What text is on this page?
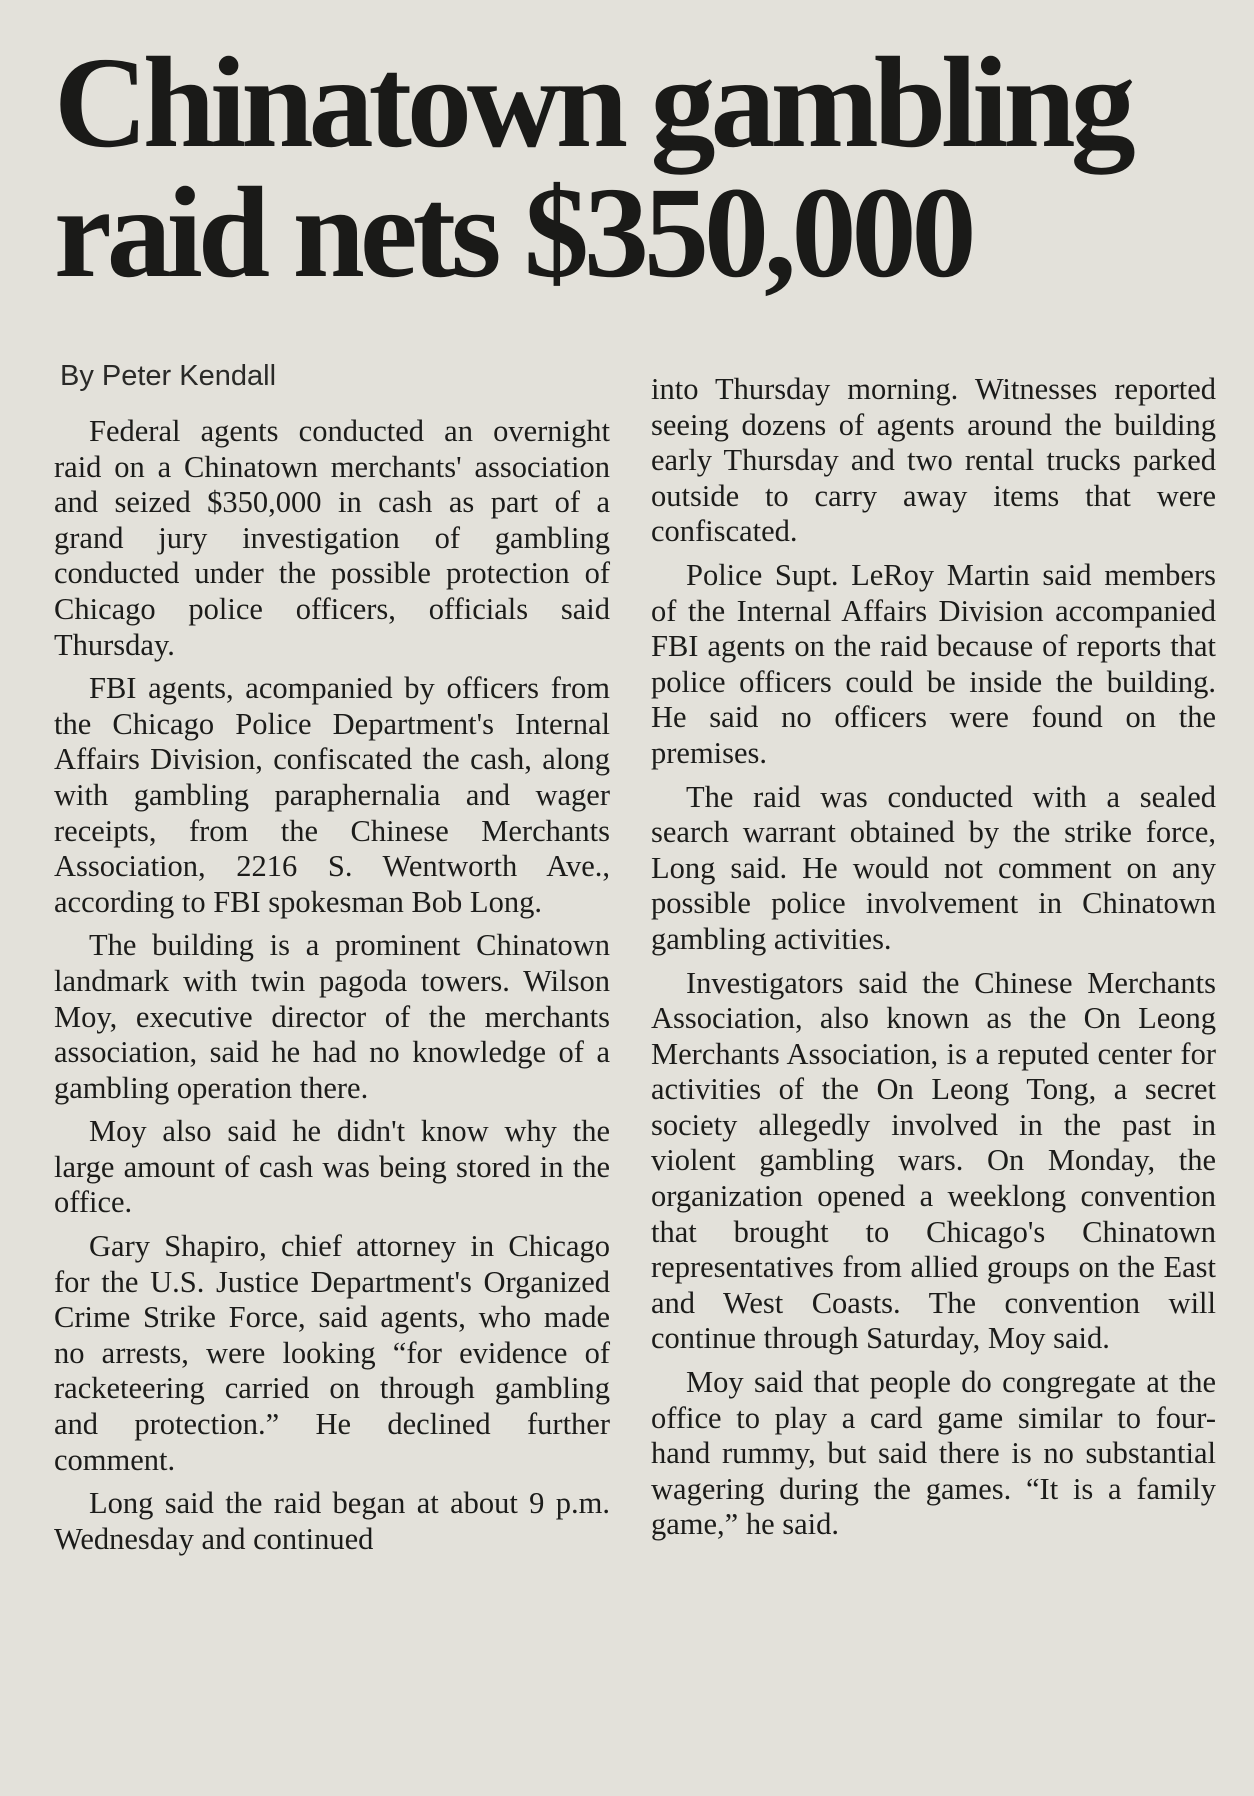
Chinatown gambling
raid nets $350,000

By Peter Kendall

Federal agents conducted an overnight raid on a Chinatown merchants' association and seized $350,000 in cash as part of a grand jury investigation of gambling conducted under the possible protection of Chicago police officers, officials said Thursday.

FBI agents, acompanied by officers from the Chicago Police Department's Internal Affairs Division, confiscated the cash, along with gambling paraphernalia and wager receipts, from the Chinese Merchants Association, 2216 S. Wentworth Ave., according to FBI spokesman Bob Long.

The building is a prominent Chinatown landmark with twin pagoda towers. Wilson Moy, executive director of the merchants association, said he had no knowledge of a gambling operation there.

Moy also said he didn't know why the large amount of cash was being stored in the office.

Gary Shapiro, chief attorney in Chicago for the U.S. Justice Department's Organized Crime Strike Force, said agents, who made no arrests, were looking “for evidence of racketeering carried on through gambling and protection.” He declined further comment.

Long said the raid began at about 9 p.m. Wednesday and continued

into Thursday morning. Witnesses reported seeing dozens of agents around the building early Thursday and two rental trucks parked outside to carry away items that were confiscated.

Police Supt. LeRoy Martin said members of the Internal Affairs Division accompanied FBI agents on the raid because of reports that police officers could be inside the building. He said no officers were found on the premises.

The raid was conducted with a sealed search warrant obtained by the strike force, Long said. He would not comment on any possible police involvement in Chinatown gambling activities.

Investigators said the Chinese Merchants Association, also known as the On Leong Merchants Association, is a reputed center for activities of the On Leong Tong, a secret society allegedly involved in the past in violent gambling wars. On Monday, the organization opened a weeklong convention that brought to Chicago's Chinatown representatives from allied groups on the East and West Coasts. The convention will continue through Saturday, Moy said.

Moy said that people do congregate at the office to play a card game similar to four-hand rummy, but said there is no substantial wagering during the games. “It is a family game,” he said.
